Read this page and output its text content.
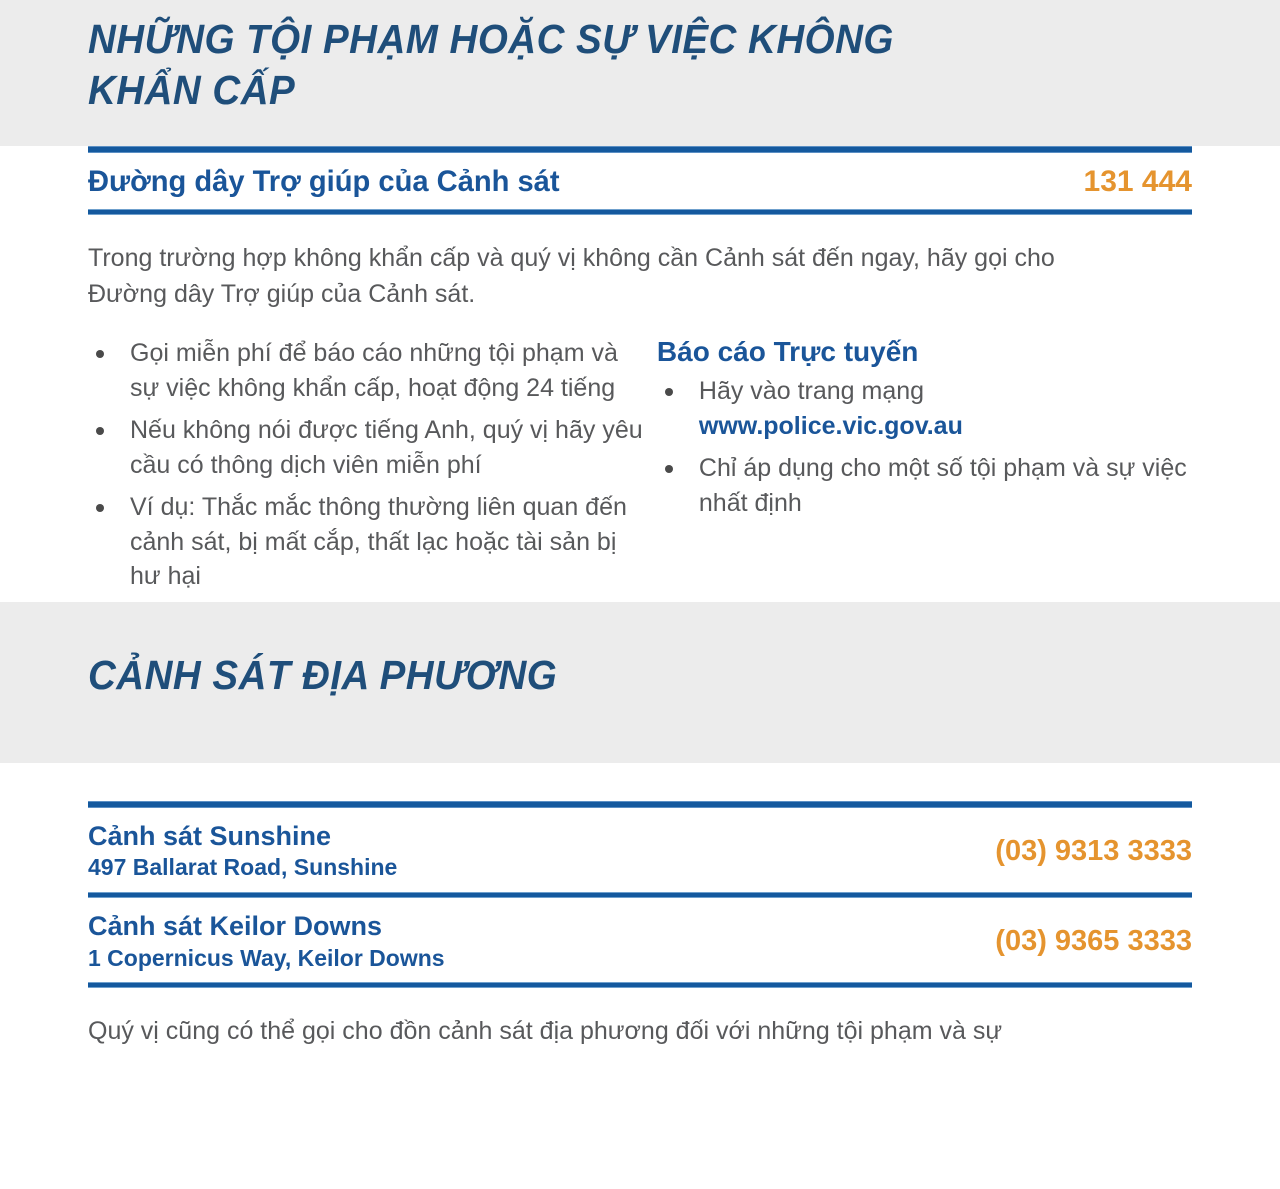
NHỮNG TỘI PHẠM HOẶC SỰ VIỆC KHÔNG
KHẨN CẤP
Đường dây Trợ giúp của Cảnh sát	131 444

Trong trường hợp không khẩn cấp và quý vị không cần Cảnh sát đến ngay, hãy gọi cho Đường dây Trợ giúp của Cảnh sát.

Gọi miễn phí để báo cáo những tội phạm và sự việc không khẩn cấp, hoạt động 24 tiếng
Nếu không nói được tiếng Anh, quý vị hãy yêu cầu có thông dịch viên miễn phí
Ví dụ: Thắc mắc thông thường liên quan đến cảnh sát, bị mất cắp, thất lạc hoặc tài sản bị hư hại
Báo cáo Trực tuyến
Hãy vào trang mạng
www.police.vic.gov.au
Chỉ áp dụng cho một số tội phạm và sự việc nhất định
CẢNH SÁT ĐỊA PHƯƠNG
Cảnh sát Sunshine
497 Ballarat Road, Sunshine
(03) 9313 3333
Cảnh sát Keilor Downs
1 Copernicus Way, Keilor Downs
(03) 9365 3333

Quý vị cũng có thể gọi cho đồn cảnh sát địa phương đối với những tội phạm và sự
